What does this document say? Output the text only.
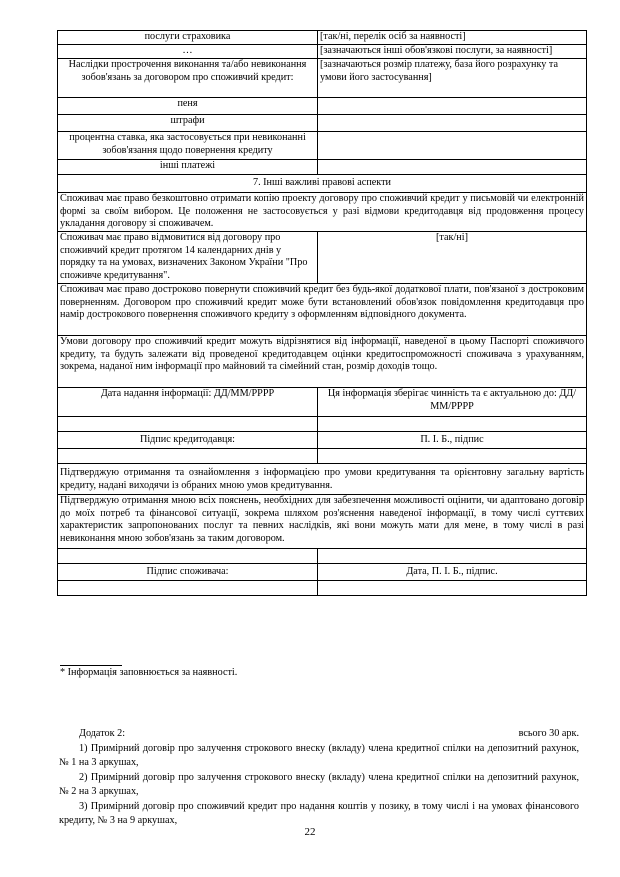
послуги страховика	[так/ні, перелік осіб за наявності]
…	[зазначаються інші обов'язкові послуги, за наявності]
Наслідки прострочення виконання та/або невиконання зобов'язань за договором про споживчий кредит:	[зазначаються розмір платежу, база його розрахунку та умови його застосування]
пеня	
штрафи	
процентна ставка, яка застосовується при невиконанні зобов'язання щодо повернення кредиту	
інші платежі	
7. Інші важливі правові аспекти	
Споживач має право безкоштовно отримати копію проекту договору про споживчий кредит у письмовій чи електронній формі за своїм вибором. Це положення не застосовується у разі відмови кредитодавця від продовження процесу укладання договору зі споживачем.	
Споживач має право відмовитися від договору про споживчий кредит протягом 14 календарних днів у порядку та на умовах, визначених Законом України "Про споживче кредитування".	[так/ні]
Споживач має право достроково повернути споживчий кредит без будь-якої додаткової плати, пов'язаної з достроковим поверненням. Договором про споживчий кредит може бути встановлений обов'язок повідомлення кредитодавця про намір дострокового повернення споживчого кредиту з оформленням відповідного документа.	
Умови договору про споживчий кредит можуть відрізнятися від інформації, наведеної в цьому Паспорті споживчого кредиту, та будуть залежати від проведеної кредитодавцем оцінки кредитоспроможності споживача з урахуванням, зокрема, наданої ним інформації про майновий та сімейний стан, розмір доходів тощо.	
Дата надання інформації: ДД/ММ/РРРР	Ця інформація зберігає чинність та є актуальною до: ДД/ММ/РРРР

Підпис кредитодавця:	П. І. Б., підпис

Підтверджую отримання та ознайомлення з інформацією про умови кредитування та орієнтовну загальну вартість кредиту, надані виходячи із обраних мною умов кредитування.	
Підтверджую отримання мною всіх пояснень, необхідних для забезпечення можливості оцінити, чи адаптовано договір до моїх потреб та фінансової ситуації, зокрема шляхом роз'яснення наведеної інформації, в тому числі суттєвих характеристик запропонованих послуг та певних наслідків, які вони можуть мати для мене, в тому числі в разі невиконання мною зобов'язань за таким договором.	

Підпис споживача:	Дата, П. І. Б., підпис.

* Інформація заповнюється за наявності.
Додаток 2:	всього 30 арк.
1) Примірний договір про залучення строкового внеску (вкладу) члена кредитної спілки на депозитний рахунок, № 1 на 3 аркушах,
2) Примірний договір про залучення строкового внеску (вкладу) члена кредитної спілки на депозитний рахунок, № 2 на 3 аркушах,
3) Примірний договір про споживчий кредит про надання коштів у позику, в тому числі і на умовах фінансового кредиту, № 3 на 9 аркушах,
22
